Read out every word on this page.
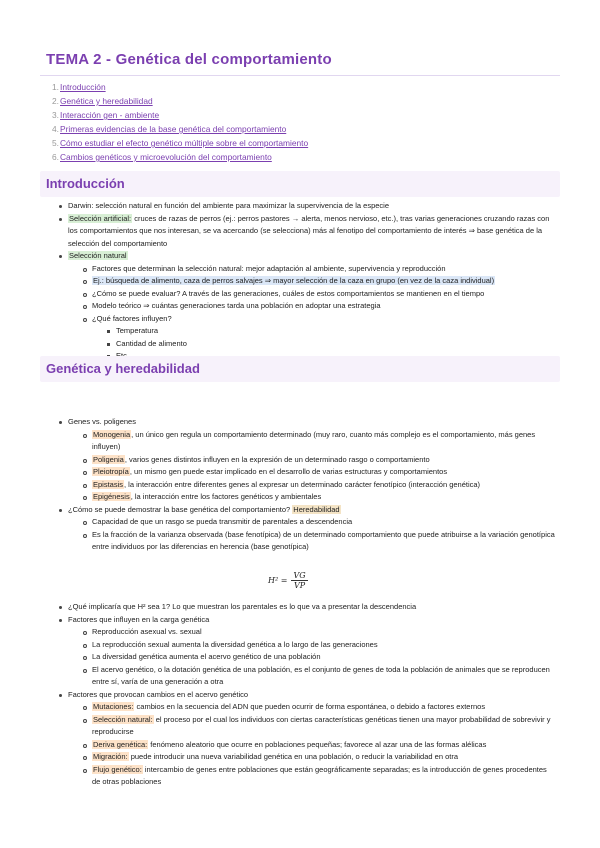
TEMA 2 - Genética del comportamiento
1. Introducción
2. Genética y heredabilidad
3. Interacción gen - ambiente
4. Primeras evidencias de la base genética del comportamiento
5. Cómo estudiar el efecto genético múltiple sobre el comportamiento
6. Cambios genéticos y microevolución del comportamiento
Introducción
Darwin: selección natural en función del ambiente para maximizar la supervivencia de la especie
Selección artificial: cruces de razas de perros (ej.: perros pastores → alerta, menos nervioso, etc.), tras varias generaciones cruzando razas con los comportamientos que nos interesan, se va acercando (se selecciona) más al fenotipo del comportamiento de interés ⇒ base genética de la selección del comportamiento
Selección natural
Factores que determinan la selección natural: mejor adaptación al ambiente, supervivencia y reproducción
Ej.: búsqueda de alimento, caza de perros salvajes ⇒ mayor selección de la caza en grupo (en vez de la caza individual)
¿Cómo se puede evaluar? A través de las generaciones, cuáles de estos comportamientos se mantienen en el tiempo
Modelo teórico ⇒ cuántas generaciones tarda una población en adoptar una estrategia
¿Qué factores influyen?
Temperatura
Cantidad de alimento
Genética y heredabilidad
Genes vs. poligenes
Monogenia, un único gen regula un comportamiento determinado (muy raro, cuanto más complejo es el comportamiento, más genes influyen)
Poligenia, varios genes distintos influyen en la expresión de un determinado rasgo o comportamiento
Pleiotropía, un mismo gen puede estar implicado en el desarrollo de varias estructuras y comportamientos
Epistasis, la interacción entre diferentes genes al expresar un determinado carácter fenotípico (interacción genética)
Epigénesis, la interacción entre los factores genéticos y ambientales
¿Cómo se puede demostrar la base genética del comportamiento? Heredabilidad
Capacidad de que un rasgo se pueda transmitir de parentales a descendencia
Es la fracción de la varianza observada (base fenotípica) de un determinado comportamiento que puede atribuirse a la variación genotípica entre individuos por las diferencias en herencia (base genotípica)
$H^2 = \frac{VG}{VP}$
¿Qué implicaría que H² sea 1? Lo que muestran los parentales es lo que va a presentar la descendencia
Factores que influyen en la carga genética
Reproducción asexual vs. sexual
La reproducción sexual aumenta la diversidad genética a lo largo de las generaciones
La diversidad genética aumenta el acervo genético de una población
El acervo genético, o la dotación genética de una población, es el conjunto de genes de toda la población de animales que se reproducen entre sí, varía de una generación a otra
Factores que provocan cambios en el acervo genético
Mutaciones: cambios en la secuencia del ADN que pueden ocurrir de forma espontánea, o debido a factores externos
Selección natural: el proceso por el cual los individuos con ciertas características genéticas tienen una mayor probabilidad de sobrevivir y reproducirse
Deriva genética: fenómeno aleatorio que ocurre en poblaciones pequeñas; favorece al azar una de las formas alélicas
Migración: puede introducir una nueva variabilidad genética en una población, o reducir la variabilidad en otra
Flujo genético: intercambio de genes entre poblaciones que están geográficamente separadas; es la introducción de genes procedentes de otras poblaciones
